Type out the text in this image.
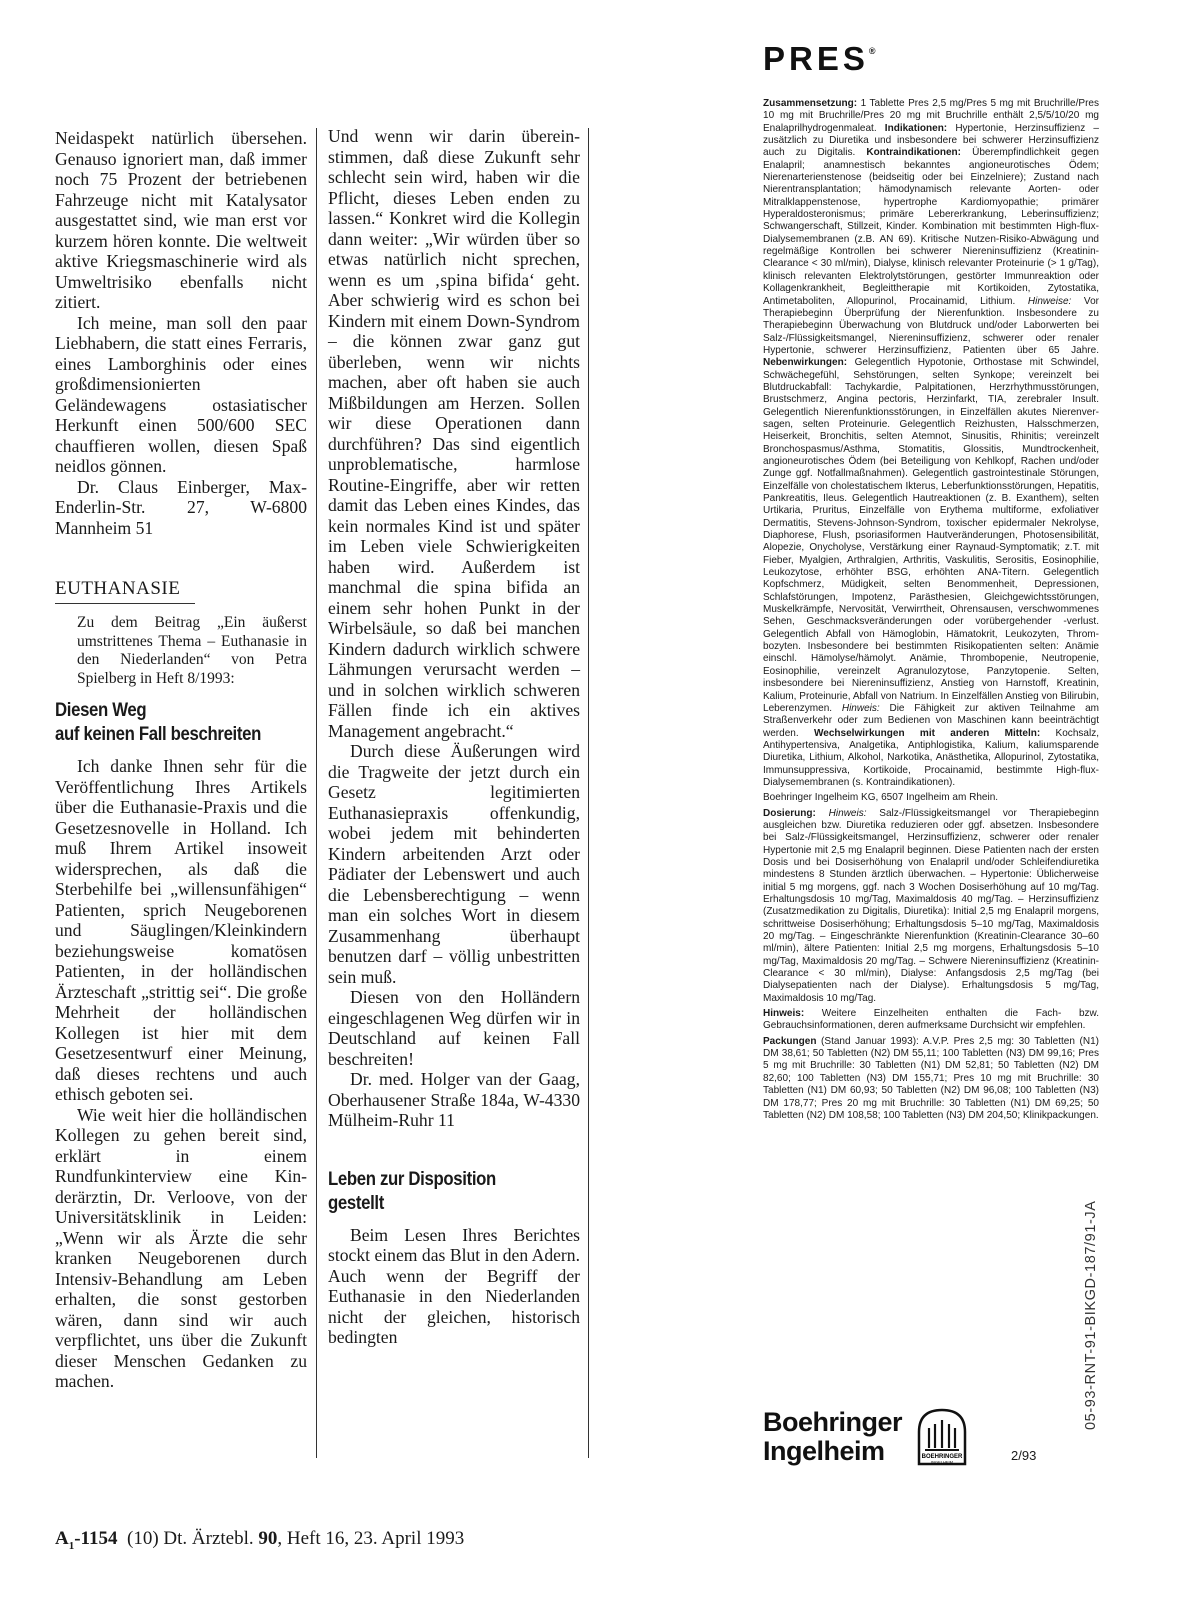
Neidaspekt natürlich übersehen. Genauso ignoriert man, daß immer noch 75 Prozent der betriebenen Fahrzeuge nicht mit Katalysator ausgestattet sind, wie man erst vor kurzem hören konnte. Die weltweit aktive Kriegsmaschinerie wird als Umweltrisiko ebenfalls nicht zitiert.

Ich meine, man soll den paar Liebhabern, die statt eines Ferraris, eines Lamborghinis oder eines großdimensionierten Geländewagens ostasiatischer Herkunft einen 500/600 SEC chauffieren wollen, diesen Spaß neidlos gönnen.

Dr. Claus Einberger, Max-Enderlin-Str. 27, W-6800 Mannheim 51

EUTHANASIE

Zu dem Beitrag „Ein äußerst umstrittenes Thema – Euthanasie in den Niederlanden“ von Petra Spielberg in Heft 8/1993:

Diesen Weg
auf keinen Fall beschreiten

Ich danke Ihnen sehr für die Veröffentlichung Ihres Artikels über die Euthanasie-Praxis und die Gesetzesnovelle in Holland. Ich muß Ihrem Artikel insoweit widersprechen, als daß die Sterbehilfe bei „willensunfähigen“ Patienten, sprich Neugeborenen und Säuglingen/Kleinkindern beziehungsweise komatösen Patienten, in der holländischen Ärzteschaft „strittig sei“. Die große Mehrheit der holländischen Kollegen ist hier mit dem Gesetzesentwurf einer Meinung, daß dieses rechtens und auch ethisch geboten sei.

Wie weit hier die holländischen Kollegen zu gehen bereit sind, erklärt in einem Rundfunkinterview eine Kinderärztin, Dr. Verloove, von der Universitätsklinik in Leiden: „Wenn wir als Ärzte die sehr kranken Neugeborenen durch Intensiv-Behandlung am Leben erhalten, die sonst gestorben wären, dann sind wir auch verpflichtet, uns über die Zukunft dieser Menschen Gedanken zu machen.

Und wenn wir darin übereinstimmen, daß diese Zukunft sehr schlecht sein wird, haben wir die Pflicht, dieses Leben enden zu lassen.“ Konkret wird die Kollegin dann weiter: „Wir würden über so etwas natürlich nicht sprechen, wenn es um ‚spina bifida‘ geht. Aber schwierig wird es schon bei Kindern mit einem Down-Syndrom – die können zwar ganz gut überleben, wenn wir nichts machen, aber oft haben sie auch Mißbildungen am Herzen. Sollen wir diese Operationen dann durchführen? Das sind eigentlich unproblematische, harmlose Routine-Eingriffe, aber wir retten damit das Leben eines Kindes, das kein normales Kind ist und später im Leben viele Schwierigkeiten haben wird. Außerdem ist manchmal die spina bifida an einem sehr hohen Punkt in der Wirbelsäule, so daß bei manchen Kindern dadurch wirklich schwere Lähmungen verursacht werden – und in solchen wirklich schweren Fällen finde ich ein aktives Management angebracht.“

Durch diese Äußerungen wird die Tragweite der jetzt durch ein Gesetz legitimierten Euthanasiepraxis offenkundig, wobei jedem mit behinderten Kindern arbeitenden Arzt oder Pädiater der Lebenswert und auch die Lebensberechtigung – wenn man ein solches Wort in diesem Zusammenhang überhaupt benutzen darf – völlig unbestritten sein muß.

Diesen von den Holländern eingeschlagenen Weg dürfen wir in Deutschland auf keinen Fall beschreiten!

Dr. med. Holger van der Gaag, Oberhausener Straße 184a, W-4330 Mülheim-Ruhr 11

Leben zur Disposition
gestellt

Beim Lesen Ihres Berichtes stockt einem das Blut in den Adern. Auch wenn der Begriff der Euthanasie in den Niederlanden nicht der gleichen, historisch bedingten

PRES®

Zusammensetzung: 1 Tablette Pres 2,5 mg/Pres 5 mg mit Bruchrille/Pres 10 mg mit Bruchrille/Pres 20 mg mit Bruchrille enthält 2,5/5/10/20 mg Enalaprilhydrogenmaleat. Indikationen: Hypertonie, Herzinsuffizienz – zusätzlich zu Diuretika und insbesondere bei schwerer Herzinsuffizienz auch zu Digitalis. Kontraindikationen: Überempfindlichkeit gegen Enalapril; anamnestisch bekanntes angioneurotisches Ödem; Nierenarterienstenose (beidseitig oder bei Einzelniere); Zustand nach Nierentransplantation; hämodynamisch relevante Aorten- oder Mitralklappenstenose, hypertrophe Kardiomyopathie; primärer Hyperaldosteronismus; primäre Lebererkrankung, Leberinsuffizienz; Schwangerschaft, Stillzeit, Kinder. Kombination mit bestimmten High-flux-Dialysemembranen (z.B. AN 69). Kritische Nutzen-Risiko-Abwägung und regelmäßige Kontrollen bei schwerer Niereninsuffizienz (Kreatinin-Clearance < 30 ml/min), Dialyse, klinisch relevanter Proteinurie (> 1 g/Tag), klinisch relevanten Elektrolytstörungen, gestörter Immunreaktion oder Kollagenkrankheit, Begleittherapie mit Kortikoiden, Zytostatika, Antimetaboliten, Allopurinol, Procainamid, Lithium. Hinweise: Vor Therapiebeginn Überprüfung der Nierenfunktion. Insbesondere zu Therapiebeginn Überwachung von Blutdruck und/oder Laborwerten bei Salz-/Flüssigkeitsmangel, Niereninsuffizienz, schwerer oder renaler Hypertonie, schwerer Herzinsuffizienz, Patienten über 65 Jahre. Nebenwirkungen: Gelegentlich Hypotonie, Orthostase mit Schwindel, Schwächegefühl, Sehstörungen, selten Synkope; vereinzelt bei Blutdruckabfall: Tachykardie, Palpitationen, Herzrhythmusstörungen, Brustschmerz, Angina pectoris, Herzinfarkt, TIA, zerebraler Insult. Gelegentlich Nierenfunktionsstörungen, in Einzelfällen akutes Nierenversagen, selten Proteinurie. Gelegentlich Reizhusten, Halsschmerzen, Heiserkeit, Bronchitis, selten Atemnot, Sinusitis, Rhinitis; vereinzelt Bronchospasmus/Asthma, Stomatitis, Glossitis, Mundtrockenheit, angioneurotisches Ödem (bei Beteiligung von Kehlkopf, Rachen und/oder Zunge ggf. Notfallmaßnahmen). Gelegentlich gastrointestinale Störungen, Einzelfälle von cholestatischem Ikterus, Leberfunktionsstörungen, Hepatitis, Pankreatitis, Ileus. Gelegentlich Hautreaktionen (z. B. Exanthem), selten Urtikaria, Pruritus, Einzelfälle von Erythema multiforme, exfoliativer Dermatitis, Stevens-Johnson-Syndrom, toxischer epidermaler Nekrolyse, Diaphorese, Flush, psoriasiformen Hautveränderungen, Photosensibilität, Alopezie, Onycholyse, Verstärkung einer Raynaud-Symptomatik; z.T. mit Fieber, Myalgien, Arthralgien, Arthritis, Vaskulitis, Serositis, Eosinophilie, Leukozytose, erhöhter BSG, erhöhten ANA-Titern. Gelegentlich Kopfschmerz, Müdigkeit, selten Benommenheit, Depressionen, Schlafstörungen, Impotenz, Parästhesien, Gleichgewichtsstörungen, Muskelkrämpfe, Nervosität, Verwirrtheit, Ohrensausen, verschwommenes Sehen, Geschmacksveränderungen oder vorübergehender -verlust. Gelegentlich Abfall von Hämoglobin, Hämatokrit, Leukozyten, Thrombozyten. Insbesondere bei bestimmten Risikopatienten selten: Anämie einschl. Hämolyse/hämolyt. Anämie, Thrombopenie, Neutropenie, Eosinophilie, vereinzelt Agranulozytose, Panzytopenie. Selten, insbesondere bei Niereninsuffizienz, Anstieg von Harnstoff, Kreatinin, Kalium, Proteinurie, Abfall von Natrium. In Einzelfällen Anstieg von Bilirubin, Leberenzymen. Hinweis: Die Fähigkeit zur aktiven Teilnahme am Straßenverkehr oder zum Bedienen von Maschinen kann beeinträchtigt werden. Wechselwirkungen mit anderen Mitteln: Kochsalz, Antihypertensiva, Analgetika, Antiphlogistika, Kalium, kaliumsparende Diuretika, Lithium, Alkohol, Narkotika, Anästhetika, Allopurinol, Zytostatika, Immunsuppressiva, Kortikoide, Procainamid, bestimmte High-flux-Dialysemembranen (s. Kontraindikationen).

Boehringer Ingelheim KG, 6507 Ingelheim am Rhein.

Dosierung: Hinweis: Salz-/Flüssigkeitsmangel vor Therapiebeginn ausgleichen bzw. Diuretika reduzieren oder ggf. absetzen. Insbesondere bei Salz-/Flüssigkeitsmangel, Herzinsuffizienz, schwerer oder renaler Hypertonie mit 2,5 mg Enalapril beginnen. Diese Patienten nach der ersten Dosis und bei Dosiserhöhung von Enalapril und/oder Schleifendiuretika mindestens 8 Stunden ärztlich überwachen. – Hypertonie: Üblicherweise initial 5 mg morgens, ggf. nach 3 Wochen Dosiserhöhung auf 10 mg/Tag. Erhaltungsdosis 10 mg/Tag, Maximaldosis 40 mg/Tag. – Herzinsuffizienz (Zusatzmedikation zu Digitalis, Diuretika): Initial 2,5 mg Enalapril morgens, schrittweise Dosiserhöhung; Erhaltungsdosis 5–10 mg/Tag, Maximaldosis 20 mg/Tag. – Eingeschränkte Nierenfunktion (Kreatinin-Clearance 30–60 ml/min), ältere Patienten: Initial 2,5 mg morgens, Erhaltungsdosis 5–10 mg/Tag, Maximaldosis 20 mg/Tag. – Schwere Niereninsuffizienz (Kreatinin-Clearance < 30 ml/min), Dialyse: Anfangsdosis 2,5 mg/Tag (bei Dialysepatienten nach der Dialyse). Erhaltungsdosis 5 mg/Tag, Maximaldosis 10 mg/Tag.

Hinweis: Weitere Einzelheiten enthalten die Fach- bzw. Gebrauchsinformationen, deren aufmerksame Durchsicht wir empfehlen.

Packungen (Stand Januar 1993): A.V.P. Pres 2,5 mg: 30 Tabletten (N1) DM 38,61; 50 Tabletten (N2) DM 55,11; 100 Tabletten (N3) DM 99,16; Pres 5 mg mit Bruchrille: 30 Tabletten (N1) DM 52,81; 50 Tabletten (N2) DM 82,60; 100 Tabletten (N3) DM 155,71; Pres 10 mg mit Bruchrille: 30 Tabletten (N1) DM 60,93; 50 Tabletten (N2) DM 96,08; 100 Tabletten (N3) DM 178,77; Pres 20 mg mit Bruchrille: 30 Tabletten (N1) DM 69,25; 50 Tabletten (N2) DM 108,58; 100 Tabletten (N3) DM 204,50; Klinikpackungen.

Boehringer
Ingelheim	BOEHRINGER
INGELHEIM	2/93
05-93-RNT-91-BIKGD-187/91-JA
$A_1-1154$  (10) Dt. Ärztebl. 90, Heft 16, 23. April 1993
